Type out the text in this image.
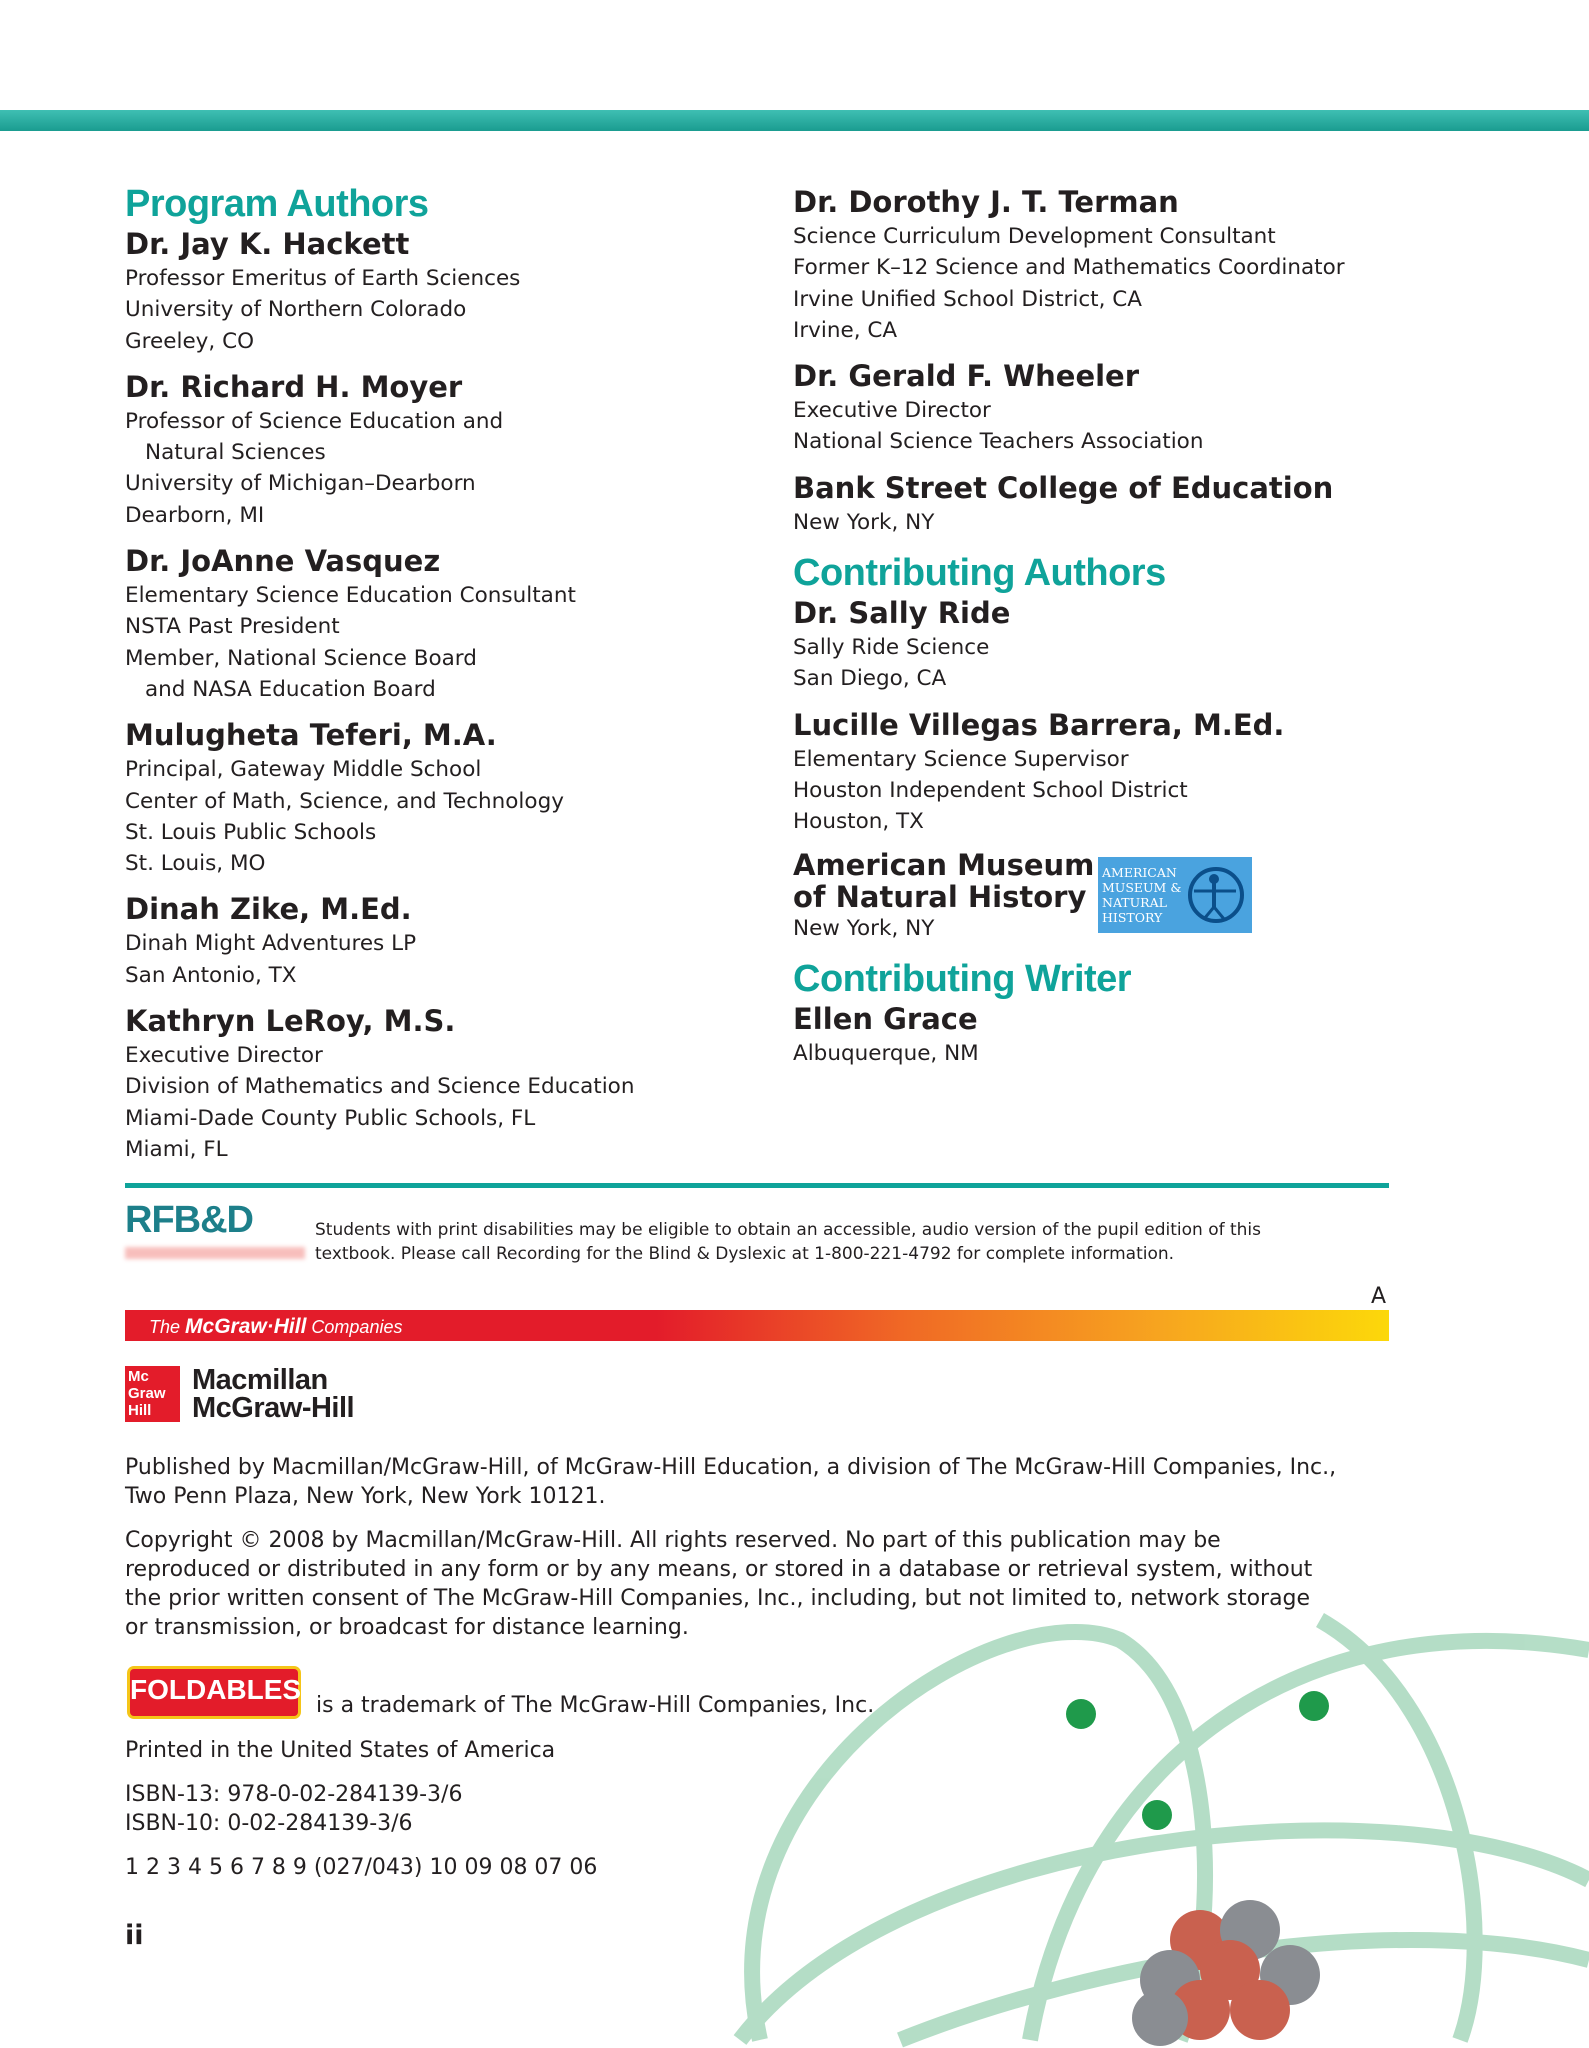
Program Authors
Dr. Jay K. Hackett
Professor Emeritus of Earth Sciences
University of Northern Colorado
Greeley, CO
Dr. Richard H. Moyer
Professor of Science Education and
Natural Sciences
University of Michigan–Dearborn
Dearborn, MI
Dr. JoAnne Vasquez
Elementary Science Education Consultant
NSTA Past President
Member, National Science Board
and NASA Education Board
Mulugheta Teferi, M.A.
Principal, Gateway Middle School
Center of Math, Science, and Technology
St. Louis Public Schools
St. Louis, MO
Dinah Zike, M.Ed.
Dinah Might Adventures LP
San Antonio, TX
Kathryn LeRoy, M.S.
Executive Director
Division of Mathematics and Science Education
Miami-Dade County Public Schools, FL
Miami, FL
Dr. Dorothy J. T. Terman
Science Curriculum Development Consultant
Former K–12 Science and Mathematics Coordinator
Irvine Unified School District, CA
Irvine, CA
Dr. Gerald F. Wheeler
Executive Director
National Science Teachers Association
Bank Street College of Education
New York, NY
Contributing Authors
Dr. Sally Ride
Sally Ride Science
San Diego, CA
Lucille Villegas Barrera, M.Ed.
Elementary Science Supervisor
Houston Independent School District
Houston, TX
American Museum
of Natural History
New York, NY
Contributing Writer
Ellen Grace
Albuquerque, NM
AMERICAN
MUSEUM &
NATURAL
HISTORY
RFB&D	Students with print disabilities may be eligible to obtain an accessible, audio version of the pupil edition of this
textbook. Please call Recording for the Blind & Dyslexic at 1-800-221-4792 for complete information.
A
The McGraw·Hill Companies
Mc
Graw
Hill
Macmillan
McGraw-Hill
Published by Macmillan/McGraw-Hill, of McGraw-Hill Education, a division of The McGraw-Hill Companies, Inc.,
Two Penn Plaza, New York, New York 10121.
Copyright © 2008 by Macmillan/McGraw-Hill. All rights reserved. No part of this publication may be
reproduced or distributed in any form or by any means, or stored in a database or retrieval system, without
the prior written consent of The McGraw-Hill Companies, Inc., including, but not limited to, network storage
or transmission, or broadcast for distance learning.
FOLDABLES
is a trademark of The McGraw-Hill Companies, Inc.
Printed in the United States of America
ISBN-13: 978-0-02-284139-3/6
ISBN-10: 0-02-284139-3/6
1 2 3 4 5 6 7 8 9 (027/043) 10 09 08 07 06
ii
